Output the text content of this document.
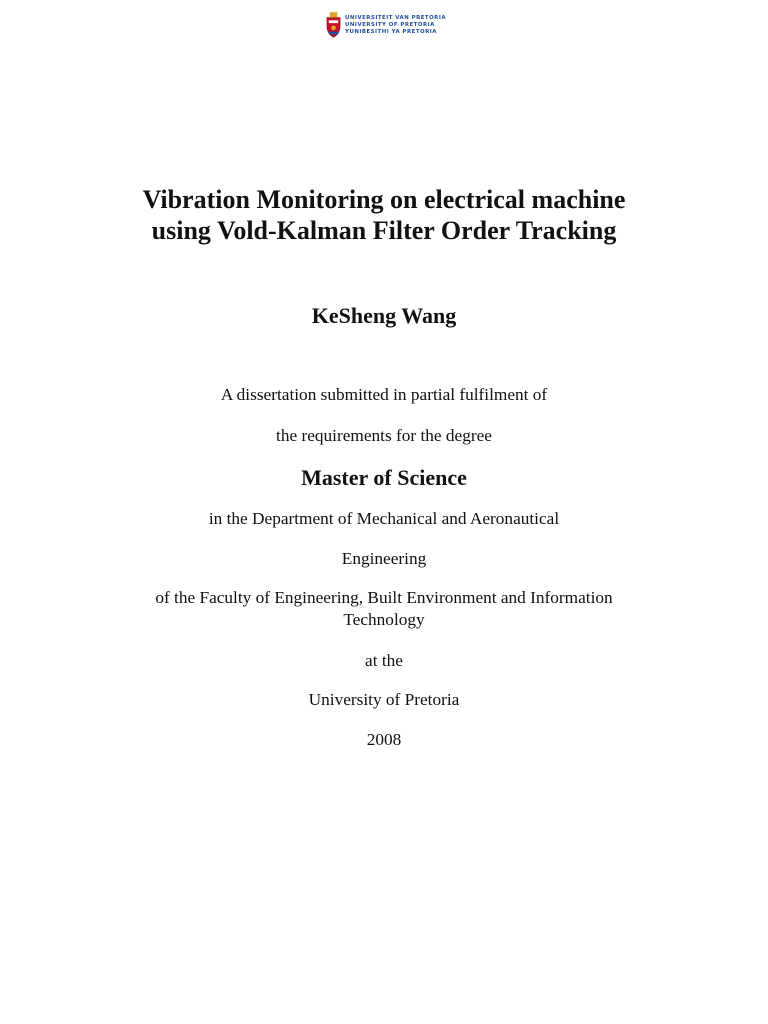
UNIVERSITEIT VAN PRETORIA
UNIVERSITY OF PRETORIA
YUNIBESITHI YA PRETORIA
Vibration Monitoring on electrical machine
using Vold-Kalman Filter Order Tracking
KeSheng Wang
A dissertation submitted in partial fulfilment of
the requirements for the degree
Master of Science
in the Department of Mechanical and Aeronautical
Engineering
of the Faculty of Engineering, Built Environment and Information
Technology
at the
University of Pretoria
2008
